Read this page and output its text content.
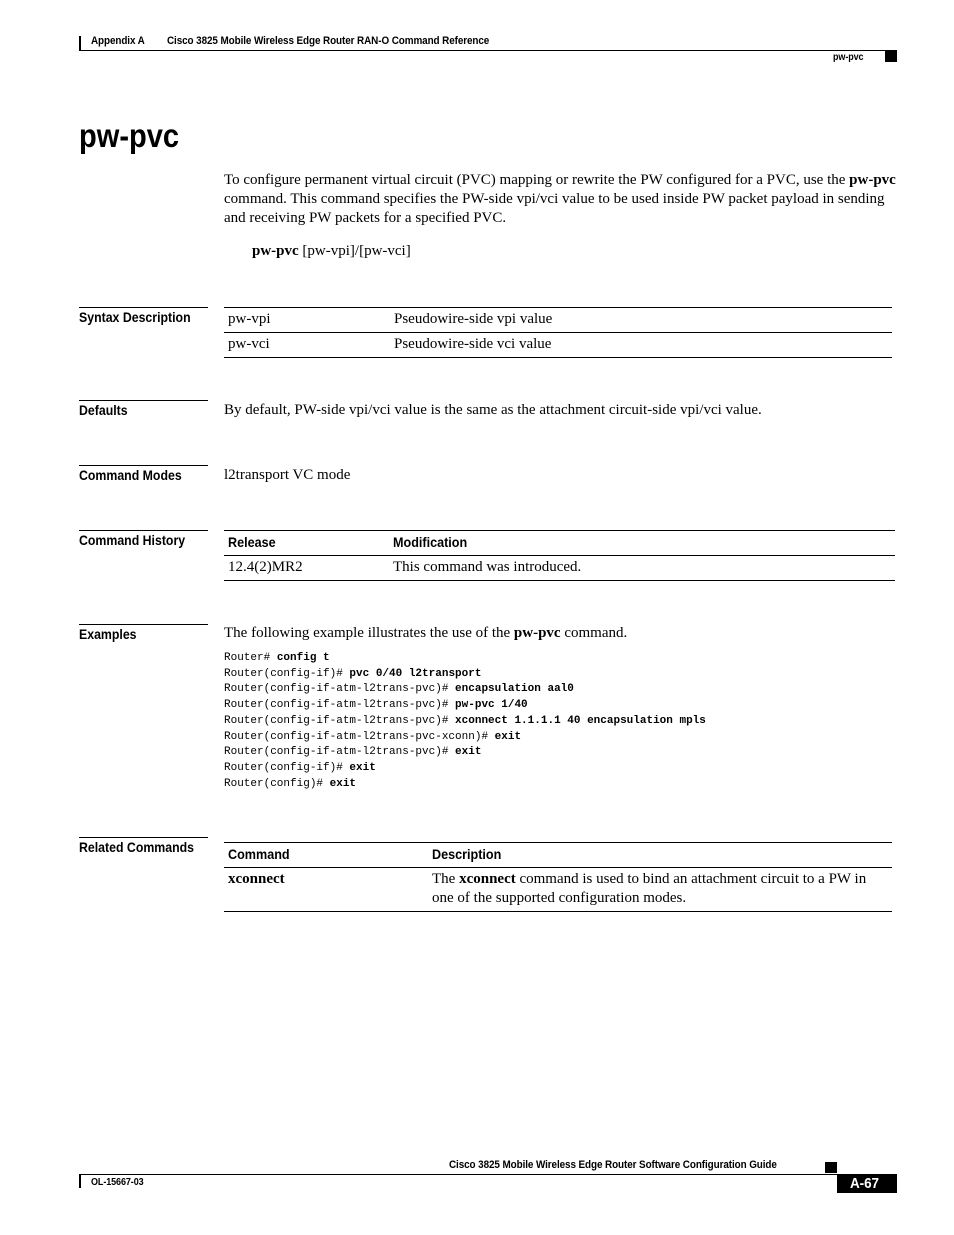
Appendix A Cisco 3825 Mobile Wireless Edge Router RAN-O Command Reference
pw-pvc
pw-pvc
To configure permanent virtual circuit (PVC) mapping or rewrite the PW configured for a PVC, use the pw-pvc command. This command specifies the PW-side vpi/vci value to be used inside PW packet payload in sending and receiving PW packets for a specified PVC.
pw-pvc [pw-vpi]/[pw-vci]
Syntax Description pw-vpi	Pseudowire-side vpi value
pw-vci	Pseudowire-side vci value
Defaults	By default, PW-side vpi/vci value is the same as the attachment circuit-side vpi/vci value.
Command Modes	l2transport VC mode
Command History	Release	Modification
12.4(2)MR2	This command was introduced.
Examples	The following example illustrates the use of the pw-pvc command.
Router# config t
Router(config-if)# pvc 0/40 l2transport
Router(config-if-atm-l2trans-pvc)# encapsulation aal0
Router(config-if-atm-l2trans-pvc)# pw-pvc 1/40
Router(config-if-atm-l2trans-pvc)# xconnect 1.1.1.1 40 encapsulation mpls
Router(config-if-atm-l2trans-pvc-xconn)# exit
Router(config-if-atm-l2trans-pvc)# exit
Router(config-if)# exit
Router(config)# exit
Related Commands Command	Description
xconnect	The xconnect command is used to bind an attachment circuit to a PW in one of the supported configuration modes.
Cisco 3825 Mobile Wireless Edge Router Software Configuration Guide
OL-15667-03	A-67
